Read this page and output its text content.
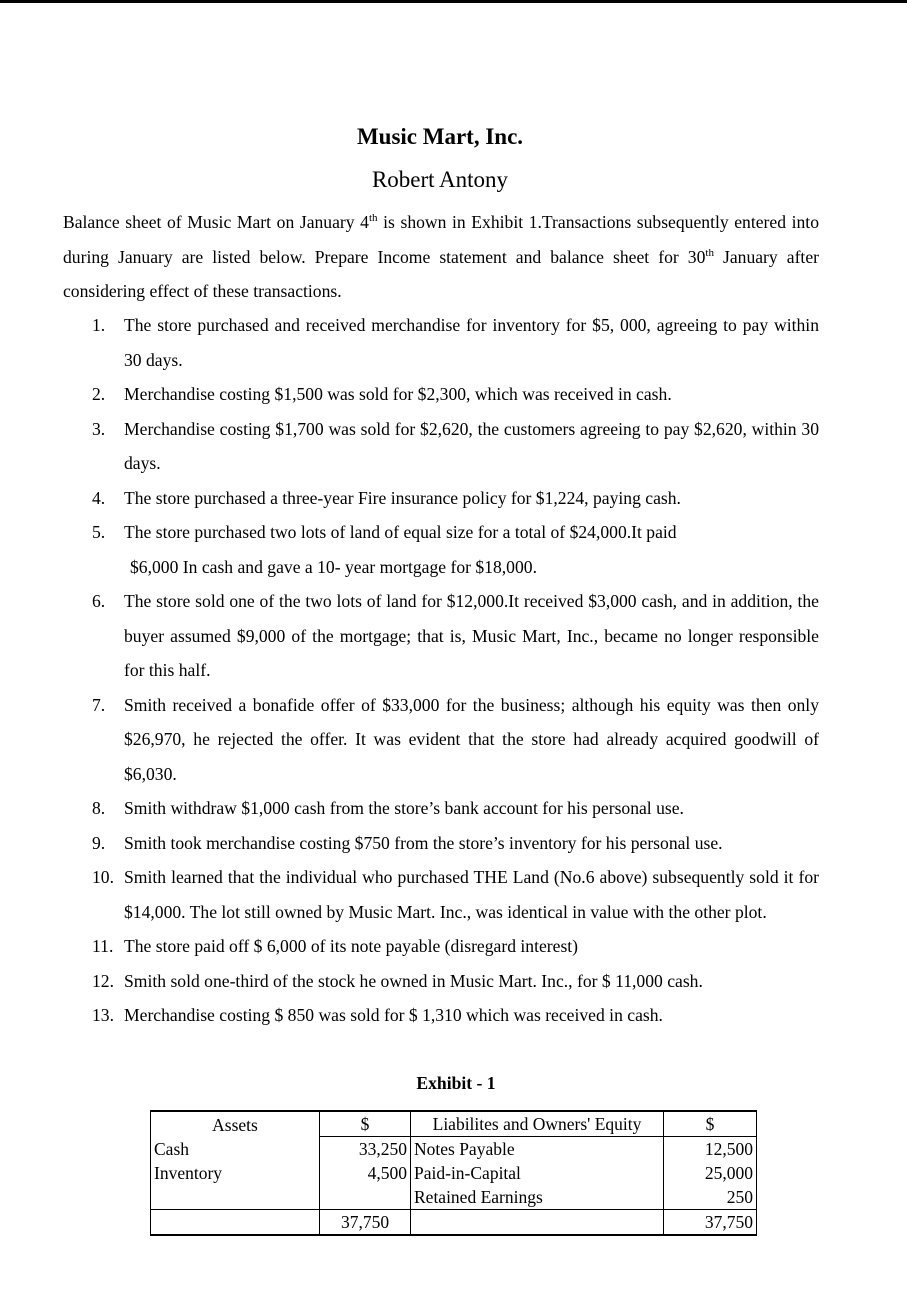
Music Mart, Inc.
Robert Antony

Balance sheet of Music Mart on January 4th is shown in Exhibit 1.Transactions subsequently entered into during January are listed below. Prepare Income statement and balance sheet for 30th January after considering effect of these transactions.

1. The store purchased and received merchandise for inventory for $5, 000, agreeing to pay within 30 days.
2. Merchandise costing $1,500 was sold for $2,300, which was received in cash.
3. Merchandise costing $1,700 was sold for $2,620, the customers agreeing to pay $2,620, within 30 days.
4. The store purchased a three-year Fire insurance policy for $1,224, paying cash.
5. The store purchased two lots of land of equal size for a total of $24,000.It paid
$6,000 In cash and gave a 10- year mortgage for $18,000.
6. The store sold one of the two lots of land for $12,000.It received $3,000 cash, and in addition, the buyer assumed $9,000 of the mortgage; that is, Music Mart, Inc., became no longer responsible for this half.
7. Smith received a bonafide offer of $33,000 for the business; although his equity was then only $26,970, he rejected the offer. It was evident that the store had already acquired goodwill of $6,030.
8. Smith withdraw $1,000 cash from the store’s bank account for his personal use.
9. Smith took merchandise costing $750 from the store’s inventory for his personal use.
10. Smith learned that the individual who purchased THE Land (No.6 above) subsequently sold it for $14,000. The lot still owned by Music Mart. Inc., was identical in value with the other plot.
11. The store paid off $ 6,000 of its note payable (disregard interest)
12. Smith sold one-third of the stock he owned in Music Mart. Inc., for $ 11,000 cash.
13. Merchandise costing $ 850 was sold for $ 1,310 which was received in cash.
Exhibit - 1
Assets	$	Liabilites and Owners' Equity	$
Cash	33,250	Notes Payable	12,500
Inventory	4,500	Paid-in-Capital	25,000
		Retained Earnings	250
	37,750		37,750
